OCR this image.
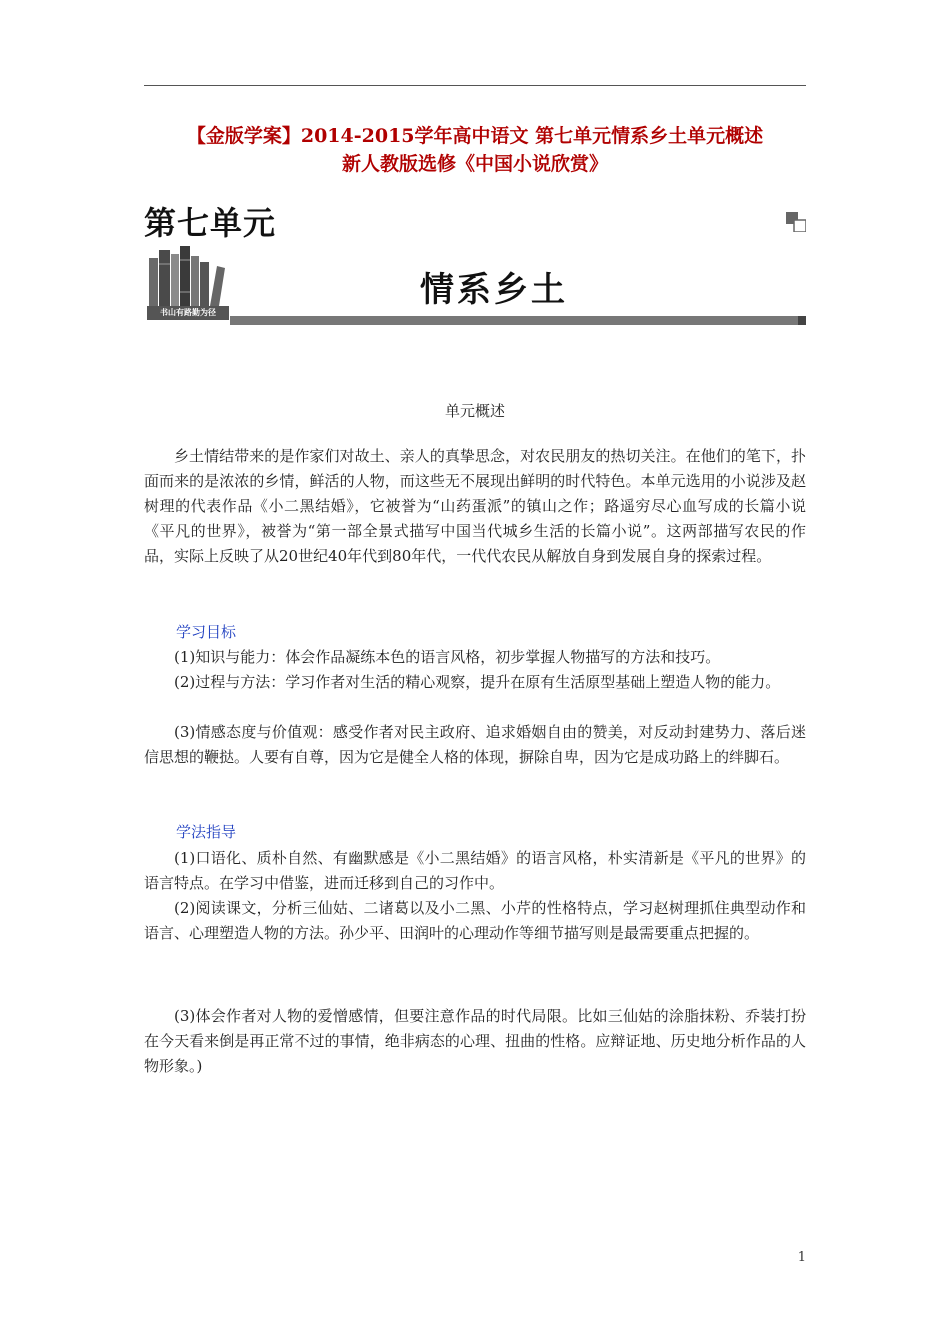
【金版学案】2014-2015学年高中语文 第七单元情系乡土单元概述
新人教版选修《中国小说欣赏》
第七单元
书山有路勤为径
情系乡土
单元概述

乡土情结带来的是作家们对故土、亲人的真挚思念，对农民朋友的热切关注。在他们的笔下，扑面而来的是浓浓的乡情，鲜活的人物，而这些无不展现出鲜明的时代特色。本单元选用的小说涉及赵树理的代表作品《小二黑结婚》，它被誉为“山药蛋派”的镇山之作；路遥穷尽心血写成的长篇小说《平凡的世界》，被誉为“第一部全景式描写中国当代城乡生活的长篇小说”。这两部描写农民的作品，实际上反映了从20世纪40年代到80年代，一代代农民从解放自身到发展自身的探索过程。

学习目标
(1)知识与能力：体会作品凝练本色的语言风格，初步掌握人物描写的方法和技巧。
(2)过程与方法：学习作者对生活的精心观察，提升在原有生活原型基础上塑造人物的能力。
(3)情感态度与价值观：感受作者对民主政府、追求婚姻自由的赞美，对反动封建势力、落后迷信思想的鞭挞。人要有自尊，因为它是健全人格的体现，摒除自卑，因为它是成功路上的绊脚石。
学法指导
(1)口语化、质朴自然、有幽默感是《小二黑结婚》的语言风格，朴实清新是《平凡的世界》的语言特点。在学习中借鉴，进而迁移到自己的习作中。
(2)阅读课文，分析三仙姑、二诸葛以及小二黑、小芹的性格特点，学习赵树理抓住典型动作和语言、心理塑造人物的方法。孙少平、田润叶的心理动作等细节描写则是最需要重点把握的。
(3)体会作者对人物的爱憎感情，但要注意作品的时代局限。比如三仙姑的涂脂抹粉、乔装打扮在今天看来倒是再正常不过的事情，绝非病态的心理、扭曲的性格。应辩证地、历史地分析作品的人物形象。)
1
